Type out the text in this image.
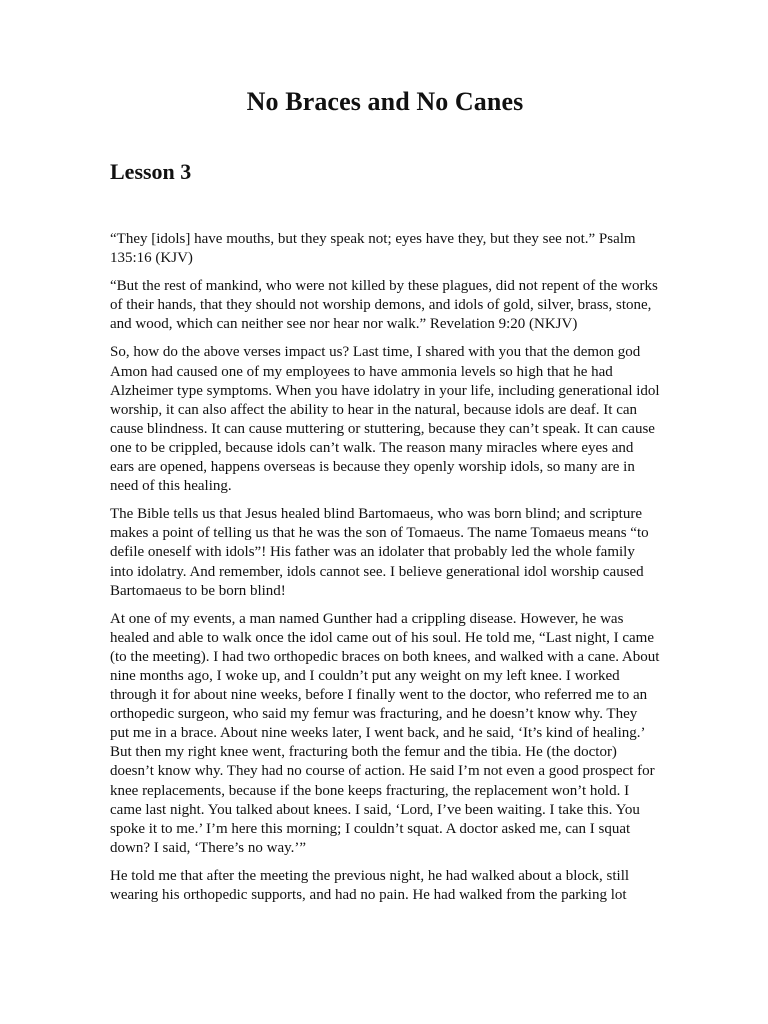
No Braces and No Canes
Lesson 3

“They [idols] have mouths, but they speak not; eyes have they, but they see not.” Psalm 135:16 (KJV)

“But the rest of mankind, who were not killed by these plagues, did not repent of the works of their hands, that they should not worship demons, and idols of gold, silver, brass, stone, and wood, which can neither see nor hear nor walk.” Revelation 9:20 (NKJV)

So, how do the above verses impact us? Last time, I shared with you that the demon god Amon had caused one of my employees to have ammonia levels so high that he had Alzheimer type symptoms. When you have idolatry in your life, including generational idol worship, it can also affect the ability to hear in the natural, because idols are deaf. It can cause blindness. It can cause muttering or stuttering, because they can’t speak. It can cause one to be crippled, because idols can’t walk. The reason many miracles where eyes and ears are opened, happens overseas is because they openly worship idols, so many are in need of this healing.

The Bible tells us that Jesus healed blind Bartomaeus, who was born blind; and scripture makes a point of telling us that he was the son of Tomaeus. The name Tomaeus means “to defile oneself with idols”! His father was an idolater that probably led the whole family into idolatry. And remember, idols cannot see. I believe generational idol worship caused Bartomaeus to be born blind!

At one of my events, a man named Gunther had a crippling disease. However, he was healed and able to walk once the idol came out of his soul. He told me, “Last night, I came (to the meeting). I had two orthopedic braces on both knees, and walked with a cane. About nine months ago, I woke up, and I couldn’t put any weight on my left knee. I worked through it for about nine weeks, before I finally went to the doctor, who referred me to an orthopedic surgeon, who said my femur was fracturing, and he doesn’t know why. They put me in a brace. About nine weeks later, I went back, and he said, ‘It’s kind of healing.’ But then my right knee went, fracturing both the femur and the tibia. He (the doctor) doesn’t know why. They had no course of action. He said I’m not even a good prospect for knee replacements, because if the bone keeps fracturing, the replacement won’t hold. I came last night. You talked about knees. I said, ‘Lord, I’ve been waiting. I take this. You spoke it to me.’ I’m here this morning; I couldn’t squat. A doctor asked me, can I squat down? I said, ‘There’s no way.’”

He told me that after the meeting the previous night, he had walked about a block, still wearing his orthopedic supports, and had no pain. He had walked from the parking lot
